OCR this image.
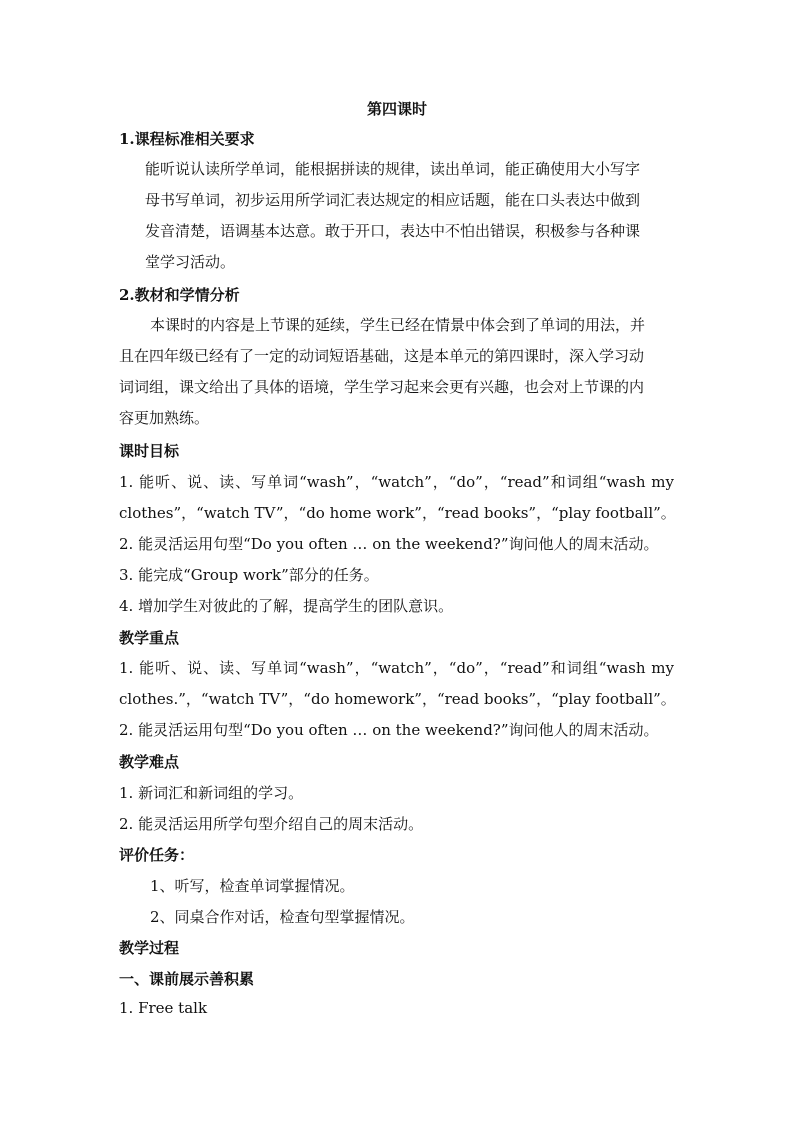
第四课时
1.课程标准相关要求
能听说认读所学单词，能根据拼读的规律，读出单词，能正确使用大小写字
母书写单词，初步运用所学词汇表达规定的相应话题，能在口头表达中做到
发音清楚，语调基本达意。敢于开口，表达中不怕出错误，积极参与各种课
堂学习活动。
2.教材和学情分析
本课时的内容是上节课的延续，学生已经在情景中体会到了单词的用法，并
且在四年级已经有了一定的动词短语基础，这是本单元的第四课时，深入学习动
词词组，课文给出了具体的语境，学生学习起来会更有兴趣，也会对上节课的内
容更加熟练。
课时目标
1. 能听、说、读、写单词“wash”，“watch”，“do”，“read”和词组“wash my
clothes”，“watch TV”，“do home work”，“read books”，“play football”。
2. 能灵活运用句型“Do you often … on the weekend?”询问他人的周末活动。
3. 能完成“Group work”部分的任务。
4. 增加学生对彼此的了解，提高学生的团队意识。
教学重点
1. 能听、说、读、写单词“wash”，“watch”，“do”，“read”和词组“wash my
clothes.”，“watch TV”，“do homework”，“read books”，“play football”。
2. 能灵活运用句型“Do you often … on the weekend?”询问他人的周末活动。
教学难点
1. 新词汇和新词组的学习。
2. 能灵活运用所学句型介绍自己的周末活动。
评价任务：
1、听写，检查单词掌握情况。
2、同桌合作对话，检查句型掌握情况。
教学过程
一、课前展示善积累
1. Free talk
